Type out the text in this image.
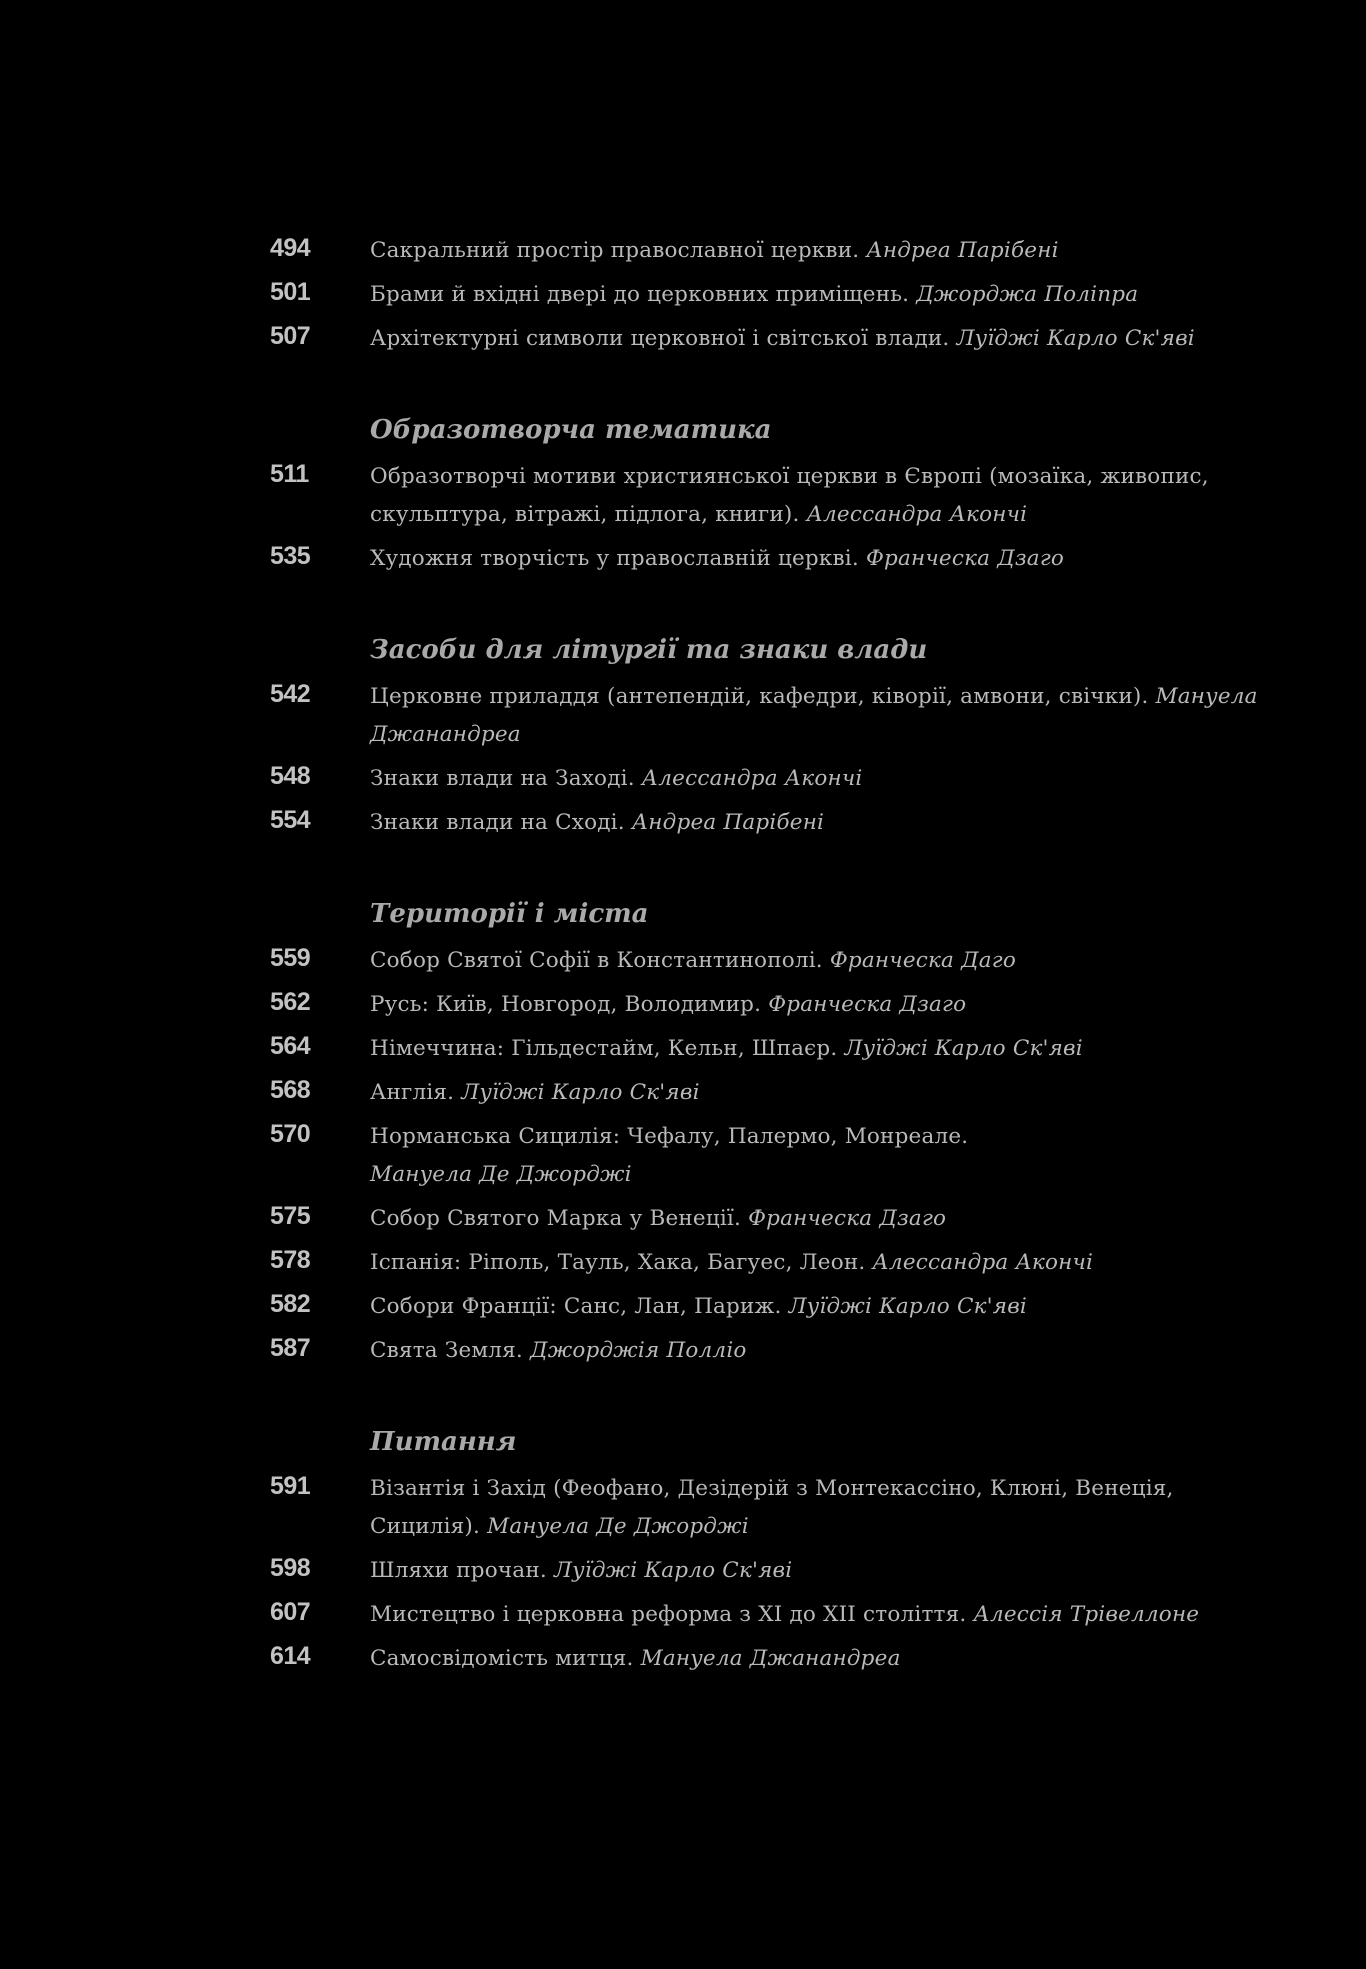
494	Сакральний простір православної церкви. Андреа Парібені
501	Брами й вхідні двері до церковних приміщень. Джорджа Поліпра
507	Архітектурні символи церковної і світської влади. Луїджі Карло Ск'яві
Образотворча тематика
511	Образотворчі мотиви християнської церкви в Європі (мозаїка, живопис, скульптура, вітражі, підлога, книги). Алессандра Акончі
535	Художня творчість у православній церкві. Франческа Дзаго
Засоби для літургії та знаки влади
542	Церковне приладдя (антепендій, кафедри, ківорії, амвони, свічки). Мануела Джанандреа
548	Знаки влади на Заході. Алессандра Акончі
554	Знаки влади на Сході. Андреа Парібені
Території і міста
559	Собор Святої Софії в Константинополі. Франческа Даго
562	Русь: Київ, Новгород, Володимир. Франческа Дзаго
564	Німеччина: Гільдестайм, Кельн, Шпаєр. Луїджі Карло Ск'яві
568	Англія. Луїджі Карло Ск'яві
570	Норманська Сицилія: Чефалу, Палермо, Монреале. Мануела Де Джорджі
575	Собор Святого Марка у Венеції. Франческа Дзаго
578	Іспанія: Ріполь, Тауль, Хака, Багуес, Леон. Алессандра Акончі
582	Собори Франції: Санс, Лан, Париж. Луїджі Карло Ск'яві
587	Свята Земля. Джорджія Полліо
Питання
591	Візантія і Захід (Феофано, Дезідерій з Монтекассіно, Клюні, Венеція, Сицилія). Мануела Де Джорджі
598	Шляхи прочан. Луїджі Карло Ск'яві
607	Мистецтво і церковна реформа з XI до XII століття. Алессія Трівеллоне
614	Самосвідомість митця. Мануела Джанандреа
